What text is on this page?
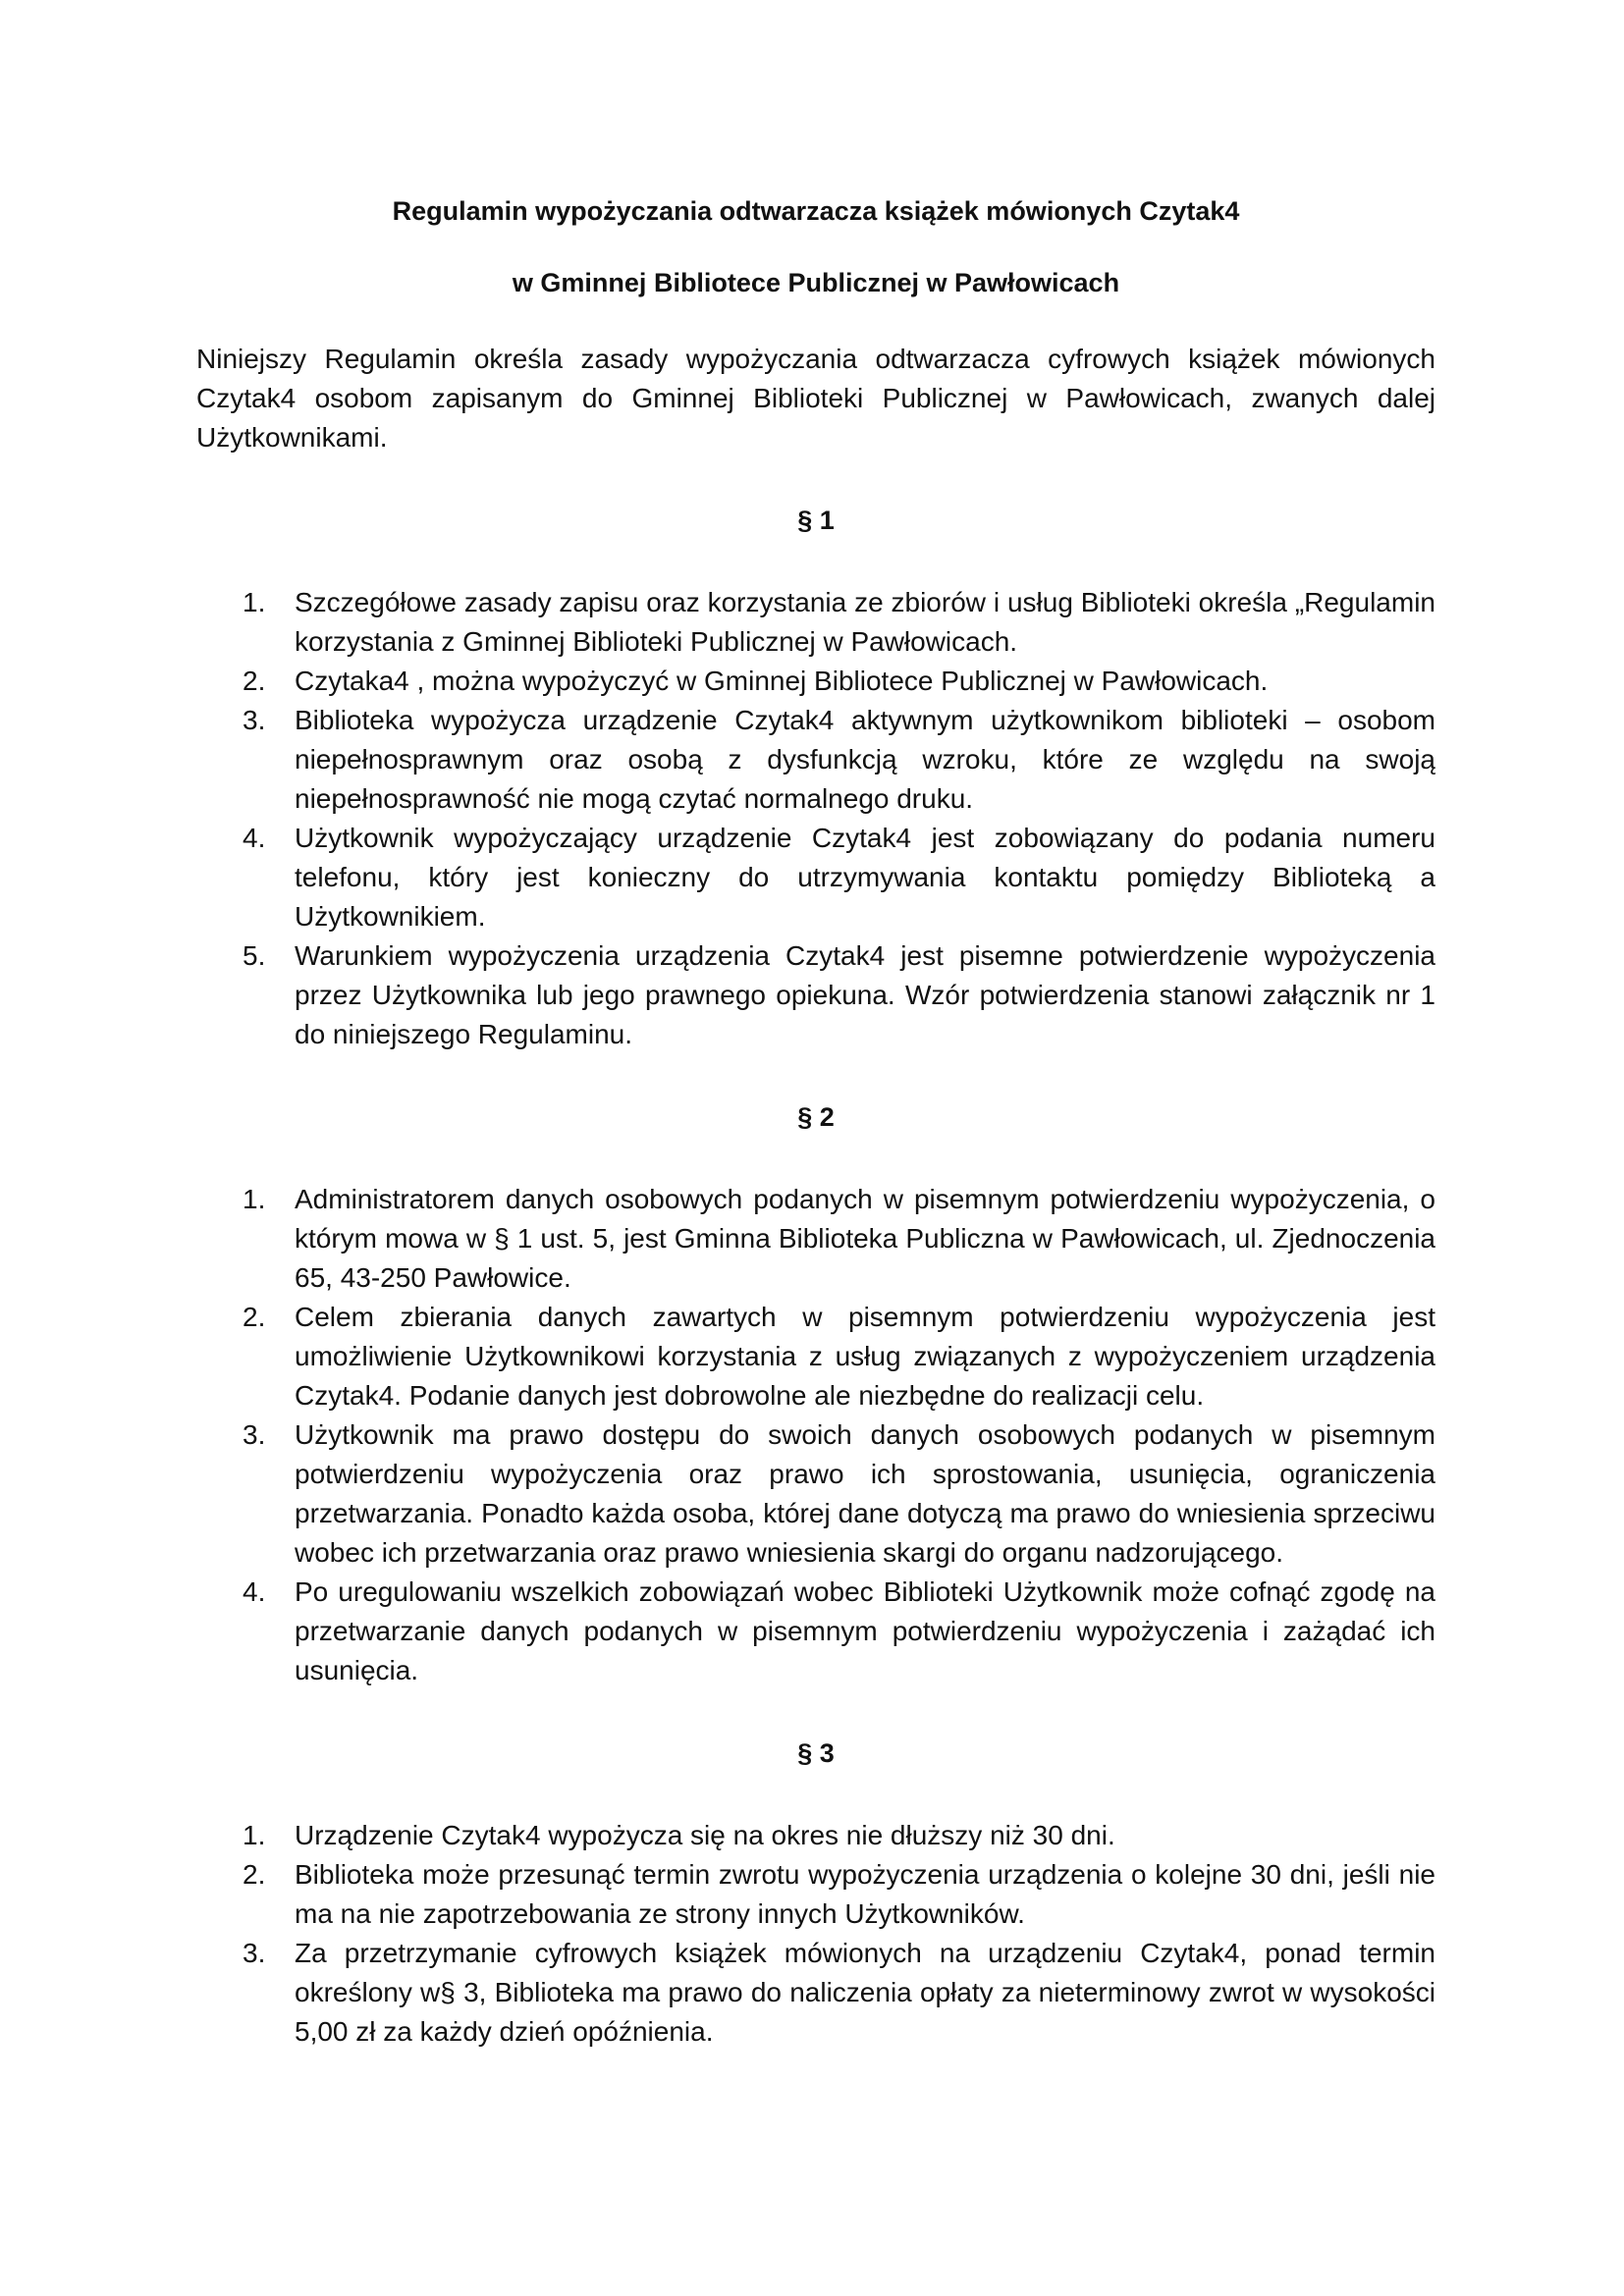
Regulamin wypożyczania odtwarzacza książek mówionych Czytak4
w Gminnej Bibliotece Publicznej w Pawłowicach

Niniejszy Regulamin określa zasady wypożyczania odtwarzacza cyfrowych książek mówionych Czytak4 osobom zapisanym do Gminnej Biblioteki Publicznej w Pawłowicach, zwanych dalej Użytkownikami.

§ 1
1.	Szczegółowe zasady zapisu oraz korzystania ze zbiorów i usług Biblioteki określa „Regulamin korzystania z Gminnej Biblioteki Publicznej w Pawłowicach.
2.	Czytaka4 , można wypożyczyć w Gminnej Bibliotece Publicznej w Pawłowicach.
3.	Biblioteka wypożycza urządzenie Czytak4 aktywnym użytkownikom biblioteki – osobom niepełnosprawnym oraz osobą z dysfunkcją wzroku, które ze względu na swoją niepełnosprawność nie mogą czytać normalnego druku.
4.	Użytkownik wypożyczający urządzenie Czytak4 jest zobowiązany do podania numeru telefonu, który jest konieczny do utrzymywania kontaktu pomiędzy Biblioteką a Użytkownikiem.
5.	Warunkiem wypożyczenia urządzenia Czytak4 jest pisemne potwierdzenie wypożyczenia przez Użytkownika lub jego prawnego opiekuna. Wzór potwierdzenia stanowi załącznik nr 1 do niniejszego Regulaminu.
§ 2
1.	Administratorem danych osobowych podanych w pisemnym potwierdzeniu wypożyczenia, o którym mowa w § 1 ust. 5, jest Gminna Biblioteka Publiczna w Pawłowicach, ul. Zjednoczenia 65, 43-250 Pawłowice.
2.	Celem zbierania danych zawartych w pisemnym potwierdzeniu wypożyczenia jest umożliwienie Użytkownikowi korzystania z usług związanych z wypożyczeniem urządzenia Czytak4. Podanie danych jest dobrowolne ale niezbędne do realizacji celu.
3.	Użytkownik ma prawo dostępu do swoich danych osobowych podanych w pisemnym potwierdzeniu wypożyczenia oraz prawo ich sprostowania, usunięcia, ograniczenia przetwarzania. Ponadto każda osoba, której dane dotyczą ma prawo do wniesienia sprzeciwu wobec ich przetwarzania oraz prawo wniesienia skargi do organu nadzorującego.
4.	Po uregulowaniu wszelkich zobowiązań wobec Biblioteki Użytkownik może cofnąć zgodę na przetwarzanie danych podanych w pisemnym potwierdzeniu wypożyczenia i zażądać ich usunięcia.
§ 3
1.	Urządzenie Czytak4 wypożycza się na okres nie dłuższy niż 30 dni.
2.	Biblioteka może przesunąć termin zwrotu wypożyczenia urządzenia o kolejne 30 dni, jeśli nie ma na nie zapotrzebowania ze strony innych Użytkowników.
3.	Za przetrzymanie cyfrowych książek mówionych na urządzeniu Czytak4, ponad termin określony w§ 3, Biblioteka ma prawo do naliczenia opłaty za nieterminowy zwrot w wysokości 5,00 zł za każdy dzień opóźnienia.
